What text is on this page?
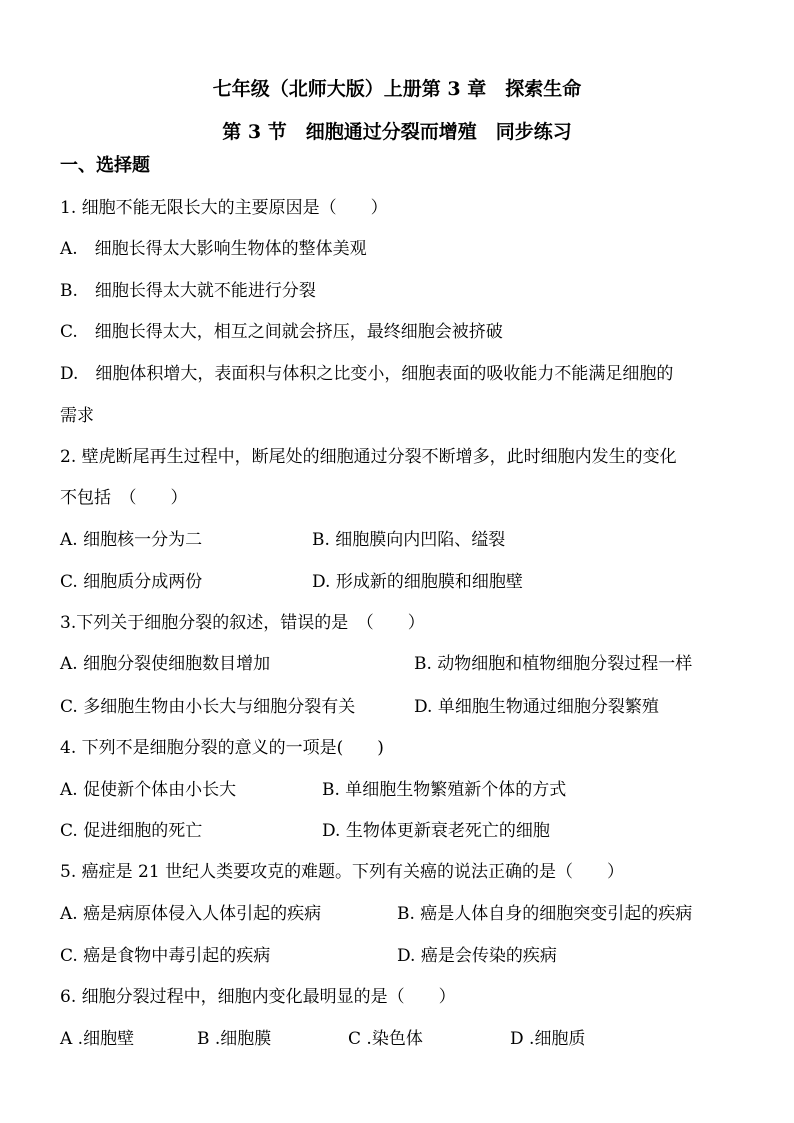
七年级（北师大版）上册第 3 章　探索生命
第 3 节　细胞通过分裂而增殖　同步练习
一、选择题
1. 细胞不能无限长大的主要原因是（　　）
A.　细胞长得太大影响生物体的整体美观
B.　细胞长得太大就不能进行分裂
C.　细胞长得太大，相互之间就会挤压，最终细胞会被挤破
D.　细胞体积增大，表面积与体积之比变小，细胞表面的吸收能力不能满足细胞的
需求
2. 壁虎断尾再生过程中，断尾处的细胞通过分裂不断增多，此时细胞内发生的变化
不包括　（　　）
A. 细胞核一分为二	B. 细胞膜向内凹陷、缢裂
C. 细胞质分成两份	D. 形成新的细胞膜和细胞壁
3.下列关于细胞分裂的叙述，错误的是　（　　）
A. 细胞分裂使细胞数目增加	B. 动物细胞和植物细胞分裂过程一样
C. 多细胞生物由小长大与细胞分裂有关	D. 单细胞生物通过细胞分裂繁殖
4. 下列不是细胞分裂的意义的一项是(　　)
A. 促使新个体由小长大	B. 单细胞生物繁殖新个体的方式
C. 促进细胞的死亡	D. 生物体更新衰老死亡的细胞
5. 癌症是 21 世纪人类要攻克的难题。下列有关癌的说法正确的是（　　）
A. 癌是病原体侵入人体引起的疾病	B. 癌是人体自身的细胞突变引起的疾病
C. 癌是食物中毒引起的疾病	D. 癌是会传染的疾病
6. 细胞分裂过程中，细胞内变化最明显的是（　　）
A .细胞壁	B .细胞膜	C .染色体	D .细胞质
